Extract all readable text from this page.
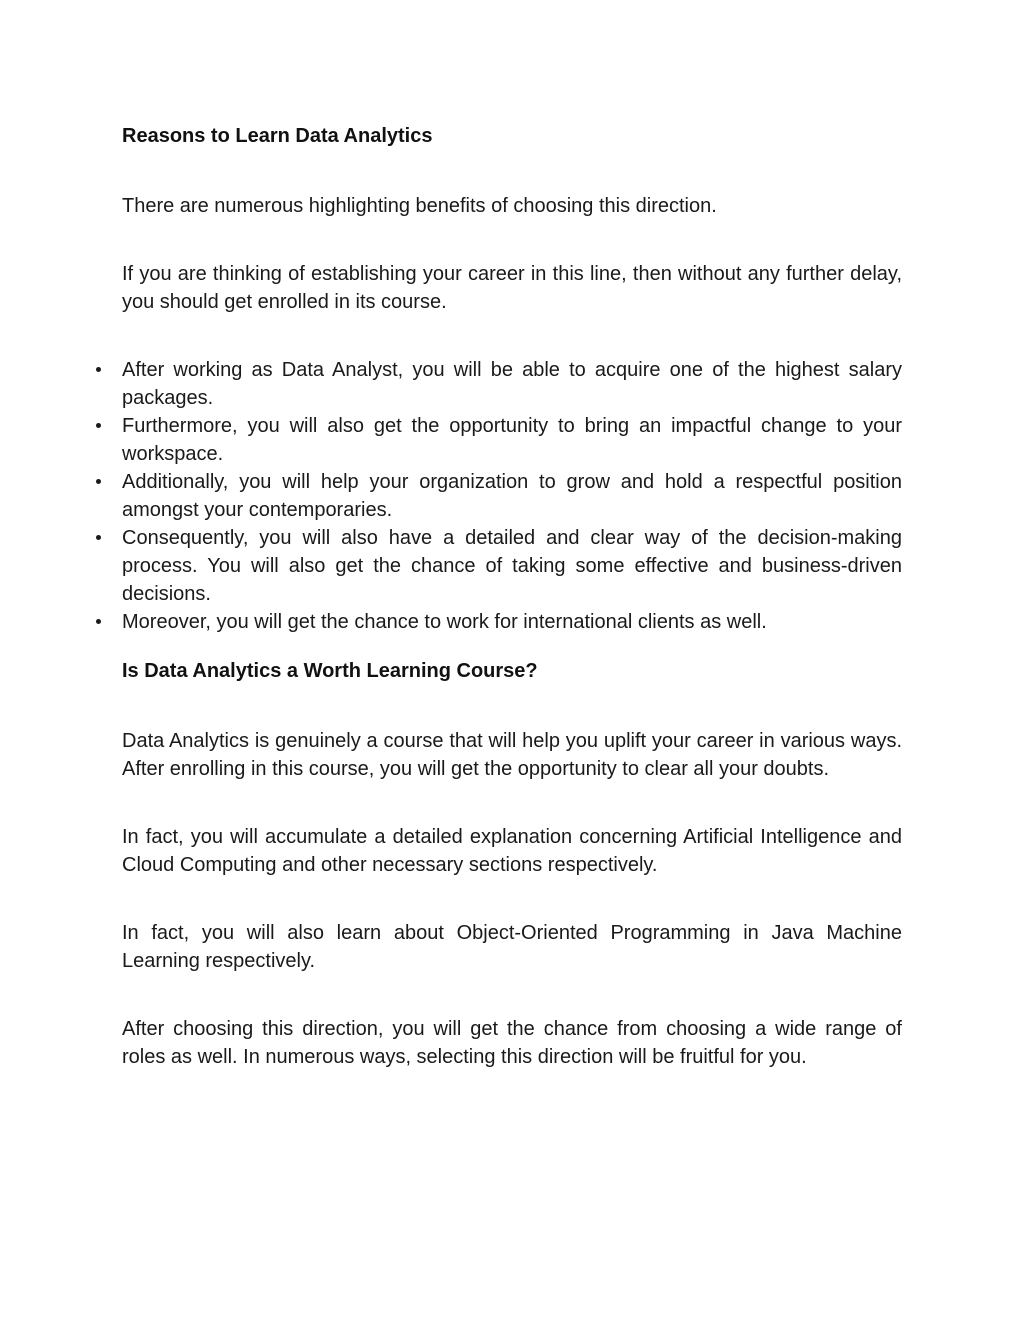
Reasons to Learn Data Analytics

There are numerous highlighting benefits of choosing this direction.

If you are thinking of establishing your career in this line, then without any further delay, you should get enrolled in its course.

After working as Data Analyst, you will be able to acquire one of the highest salary packages.
Furthermore, you will also get the opportunity to bring an impactful change to your workspace.
Additionally, you will help your organization to grow and hold a respectful position amongst your contemporaries.
Consequently, you will also have a detailed and clear way of the decision-making process. You will also get the chance of taking some effective and business-driven decisions.
Moreover, you will get the chance to work for international clients as well.
Is Data Analytics a Worth Learning Course?

Data Analytics is genuinely a course that will help you uplift your career in various ways. After enrolling in this course, you will get the opportunity to clear all your doubts.

In fact, you will accumulate a detailed explanation concerning Artificial Intelligence and Cloud Computing and other necessary sections respectively.

In fact, you will also learn about Object-Oriented Programming in Java Machine Learning respectively.

After choosing this direction, you will get the chance from choosing a wide range of roles as well. In numerous ways, selecting this direction will be fruitful for you.
